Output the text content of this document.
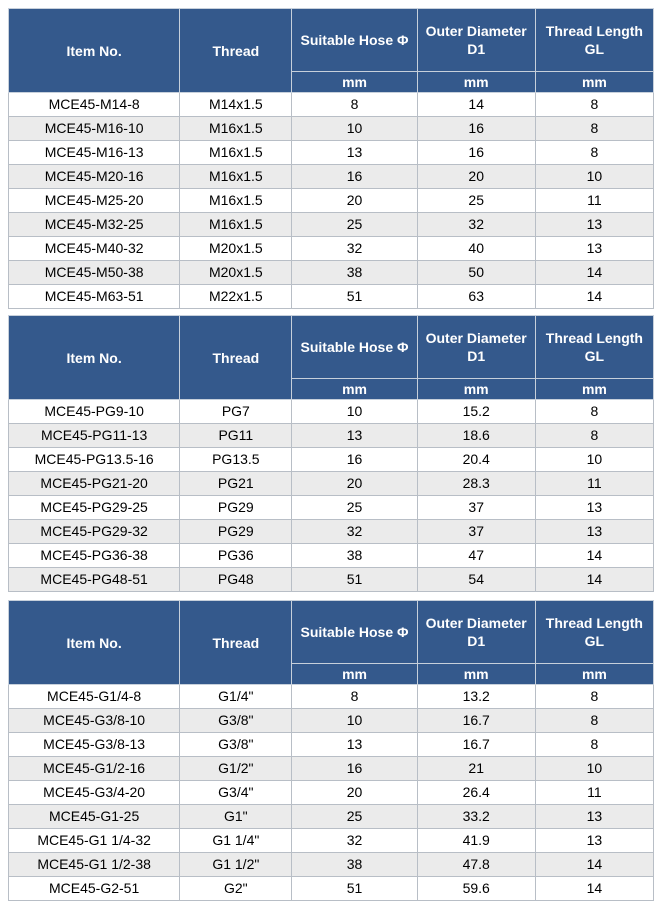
Item No.	Thread	Suitable Hose Φ	Outer Diameter D1	Thread Length GL
		mm	mm	mm
MCE45-M14-8	M14x1.5	8	14	8
MCE45-M16-10	M16x1.5	10	16	8
MCE45-M16-13	M16x1.5	13	16	8
MCE45-M20-16	M16x1.5	16	20	10
MCE45-M25-20	M16x1.5	20	25	11
MCE45-M32-25	M16x1.5	25	32	13
MCE45-M40-32	M20x1.5	32	40	13
MCE45-M50-38	M20x1.5	38	50	14
MCE45-M63-51	M22x1.5	51	63	14
Item No.	Thread	Suitable Hose Φ	Outer Diameter D1	Thread Length GL
		mm	mm	mm
MCE45-PG9-10	PG7	10	15.2	8
MCE45-PG11-13	PG11	13	18.6	8
MCE45-PG13.5-16	PG13.5	16	20.4	10
MCE45-PG21-20	PG21	20	28.3	11
MCE45-PG29-25	PG29	25	37	13
MCE45-PG29-32	PG29	32	37	13
MCE45-PG36-38	PG36	38	47	14
MCE45-PG48-51	PG48	51	54	14
Item No.	Thread	Suitable Hose Φ	Outer Diameter D1	Thread Length GL
		mm	mm	mm
MCE45-G1/4-8	G1/4"	8	13.2	8
MCE45-G3/8-10	G3/8"	10	16.7	8
MCE45-G3/8-13	G3/8"	13	16.7	8
MCE45-G1/2-16	G1/2"	16	21	10
MCE45-G3/4-20	G3/4"	20	26.4	11
MCE45-G1-25	G1"	25	33.2	13
MCE45-G1 1/4-32	G1 1/4"	32	41.9	13
MCE45-G1 1/2-38	G1 1/2"	38	47.8	14
MCE45-G2-51	G2"	51	59.6	14
